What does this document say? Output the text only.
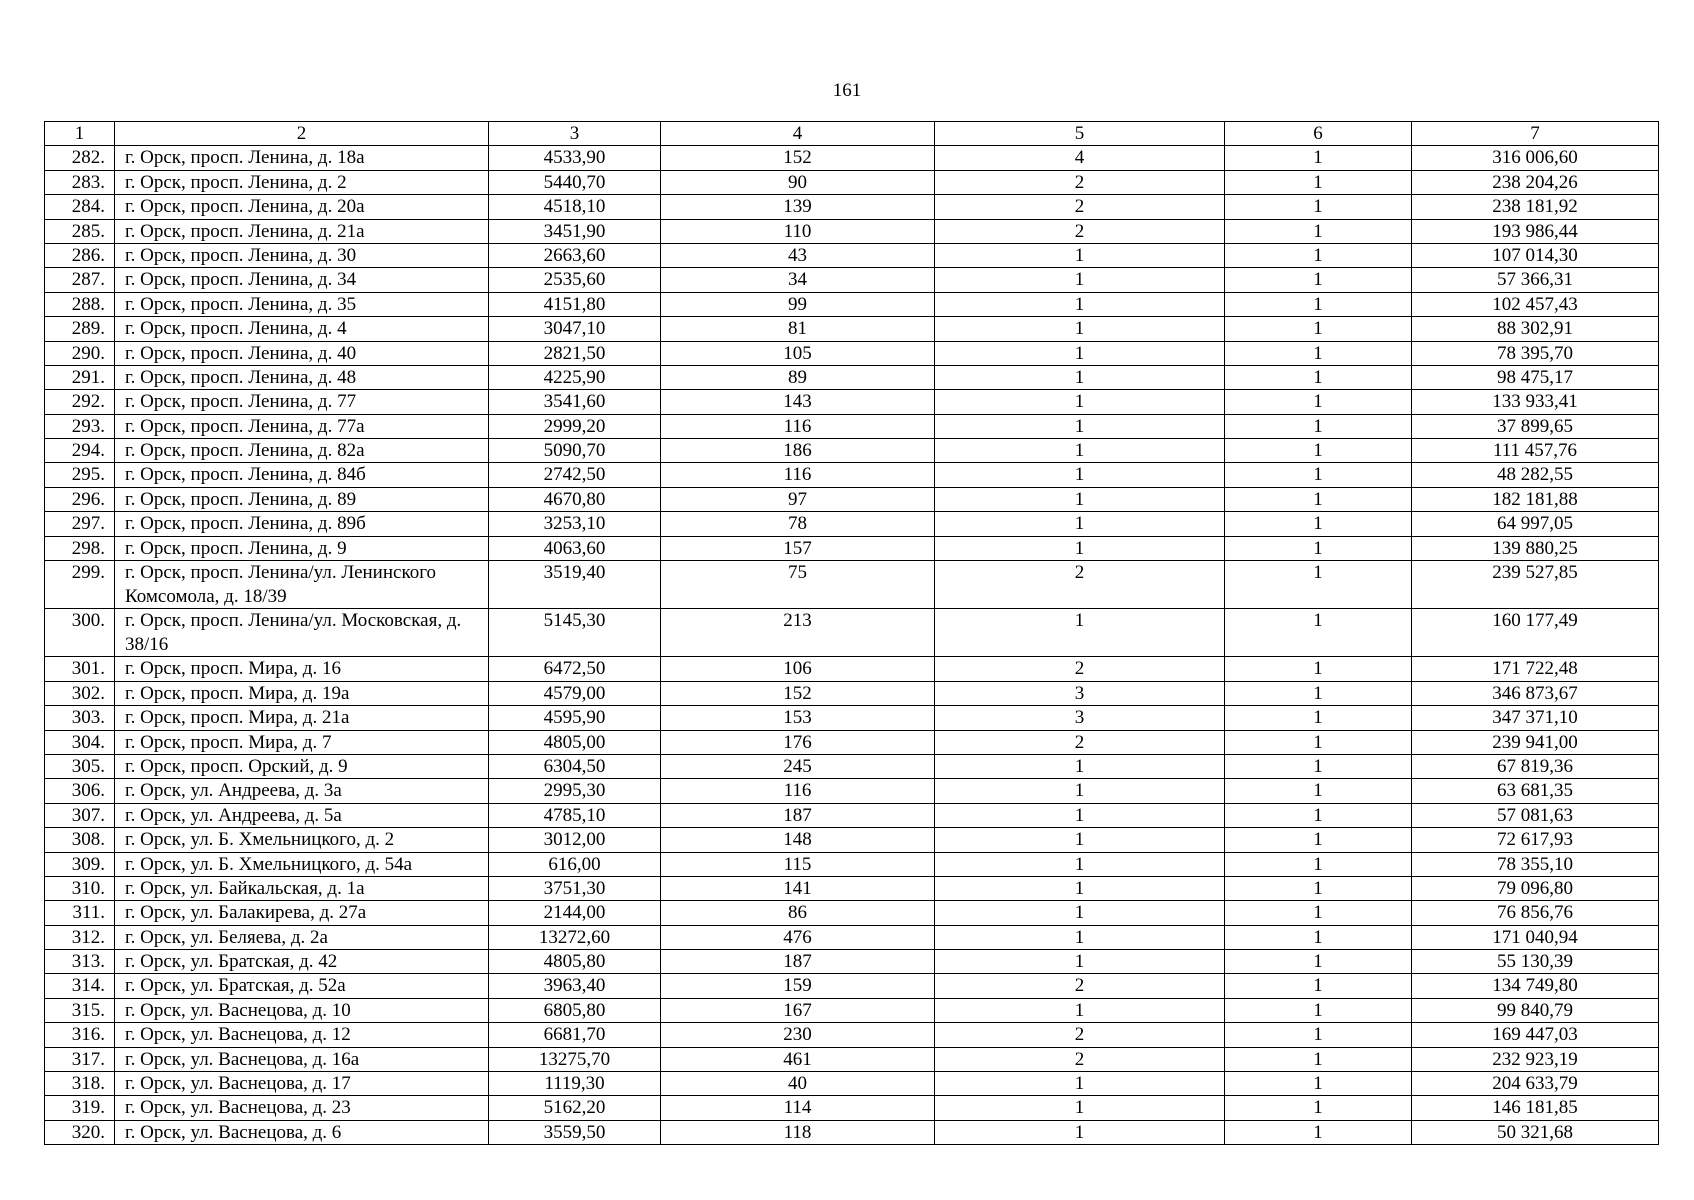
161
1	2	3	4	5	6	7
282.	г. Орск, просп. Ленина, д. 18а	4533,90	152	4	1	316 006,60
283.	г. Орск, просп. Ленина, д. 2	5440,70	90	2	1	238 204,26
284.	г. Орск, просп. Ленина, д. 20а	4518,10	139	2	1	238 181,92
285.	г. Орск, просп. Ленина, д. 21а	3451,90	110	2	1	193 986,44
286.	г. Орск, просп. Ленина, д. 30	2663,60	43	1	1	107 014,30
287.	г. Орск, просп. Ленина, д. 34	2535,60	34	1	1	57 366,31
288.	г. Орск, просп. Ленина, д. 35	4151,80	99	1	1	102 457,43
289.	г. Орск, просп. Ленина, д. 4	3047,10	81	1	1	88 302,91
290.	г. Орск, просп. Ленина, д. 40	2821,50	105	1	1	78 395,70
291.	г. Орск, просп. Ленина, д. 48	4225,90	89	1	1	98 475,17
292.	г. Орск, просп. Ленина, д. 77	3541,60	143	1	1	133 933,41
293.	г. Орск, просп. Ленина, д. 77а	2999,20	116	1	1	37 899,65
294.	г. Орск, просп. Ленина, д. 82а	5090,70	186	1	1	111 457,76
295.	г. Орск, просп. Ленина, д. 84б	2742,50	116	1	1	48 282,55
296.	г. Орск, просп. Ленина, д. 89	4670,80	97	1	1	182 181,88
297.	г. Орск, просп. Ленина, д. 89б	3253,10	78	1	1	64 997,05
298.	г. Орск, просп. Ленина, д. 9	4063,60	157	1	1	139 880,25
299.	г. Орск, просп. Ленина/ул. Ленинского Комсомола, д. 18/39	3519,40	75	2	1	239 527,85
300.	г. Орск, просп. Ленина/ул. Московская, д. 38/16	5145,30	213	1	1	160 177,49
301.	г. Орск, просп. Мира, д. 16	6472,50	106	2	1	171 722,48
302.	г. Орск, просп. Мира, д. 19а	4579,00	152	3	1	346 873,67
303.	г. Орск, просп. Мира, д. 21а	4595,90	153	3	1	347 371,10
304.	г. Орск, просп. Мира, д. 7	4805,00	176	2	1	239 941,00
305.	г. Орск, просп. Орский, д. 9	6304,50	245	1	1	67 819,36
306.	г. Орск, ул. Андреева, д. 3а	2995,30	116	1	1	63 681,35
307.	г. Орск, ул. Андреева, д. 5а	4785,10	187	1	1	57 081,63
308.	г. Орск, ул. Б. Хмельницкого, д. 2	3012,00	148	1	1	72 617,93
309.	г. Орск, ул. Б. Хмельницкого, д. 54а	616,00	115	1	1	78 355,10
310.	г. Орск, ул. Байкальская, д. 1а	3751,30	141	1	1	79 096,80
311.	г. Орск, ул. Балакирева, д. 27а	2144,00	86	1	1	76 856,76
312.	г. Орск, ул. Беляева, д. 2а	13272,60	476	1	1	171 040,94
313.	г. Орск, ул. Братская, д. 42	4805,80	187	1	1	55 130,39
314.	г. Орск, ул. Братская, д. 52а	3963,40	159	2	1	134 749,80
315.	г. Орск, ул. Васнецова, д. 10	6805,80	167	1	1	99 840,79
316.	г. Орск, ул. Васнецова, д. 12	6681,70	230	2	1	169 447,03
317.	г. Орск, ул. Васнецова, д. 16а	13275,70	461	2	1	232 923,19
318.	г. Орск, ул. Васнецова, д. 17	1119,30	40	1	1	204 633,79
319.	г. Орск, ул. Васнецова, д. 23	5162,20	114	1	1	146 181,85
320.	г. Орск, ул. Васнецова, д. 6	3559,50	118	1	1	50 321,68
